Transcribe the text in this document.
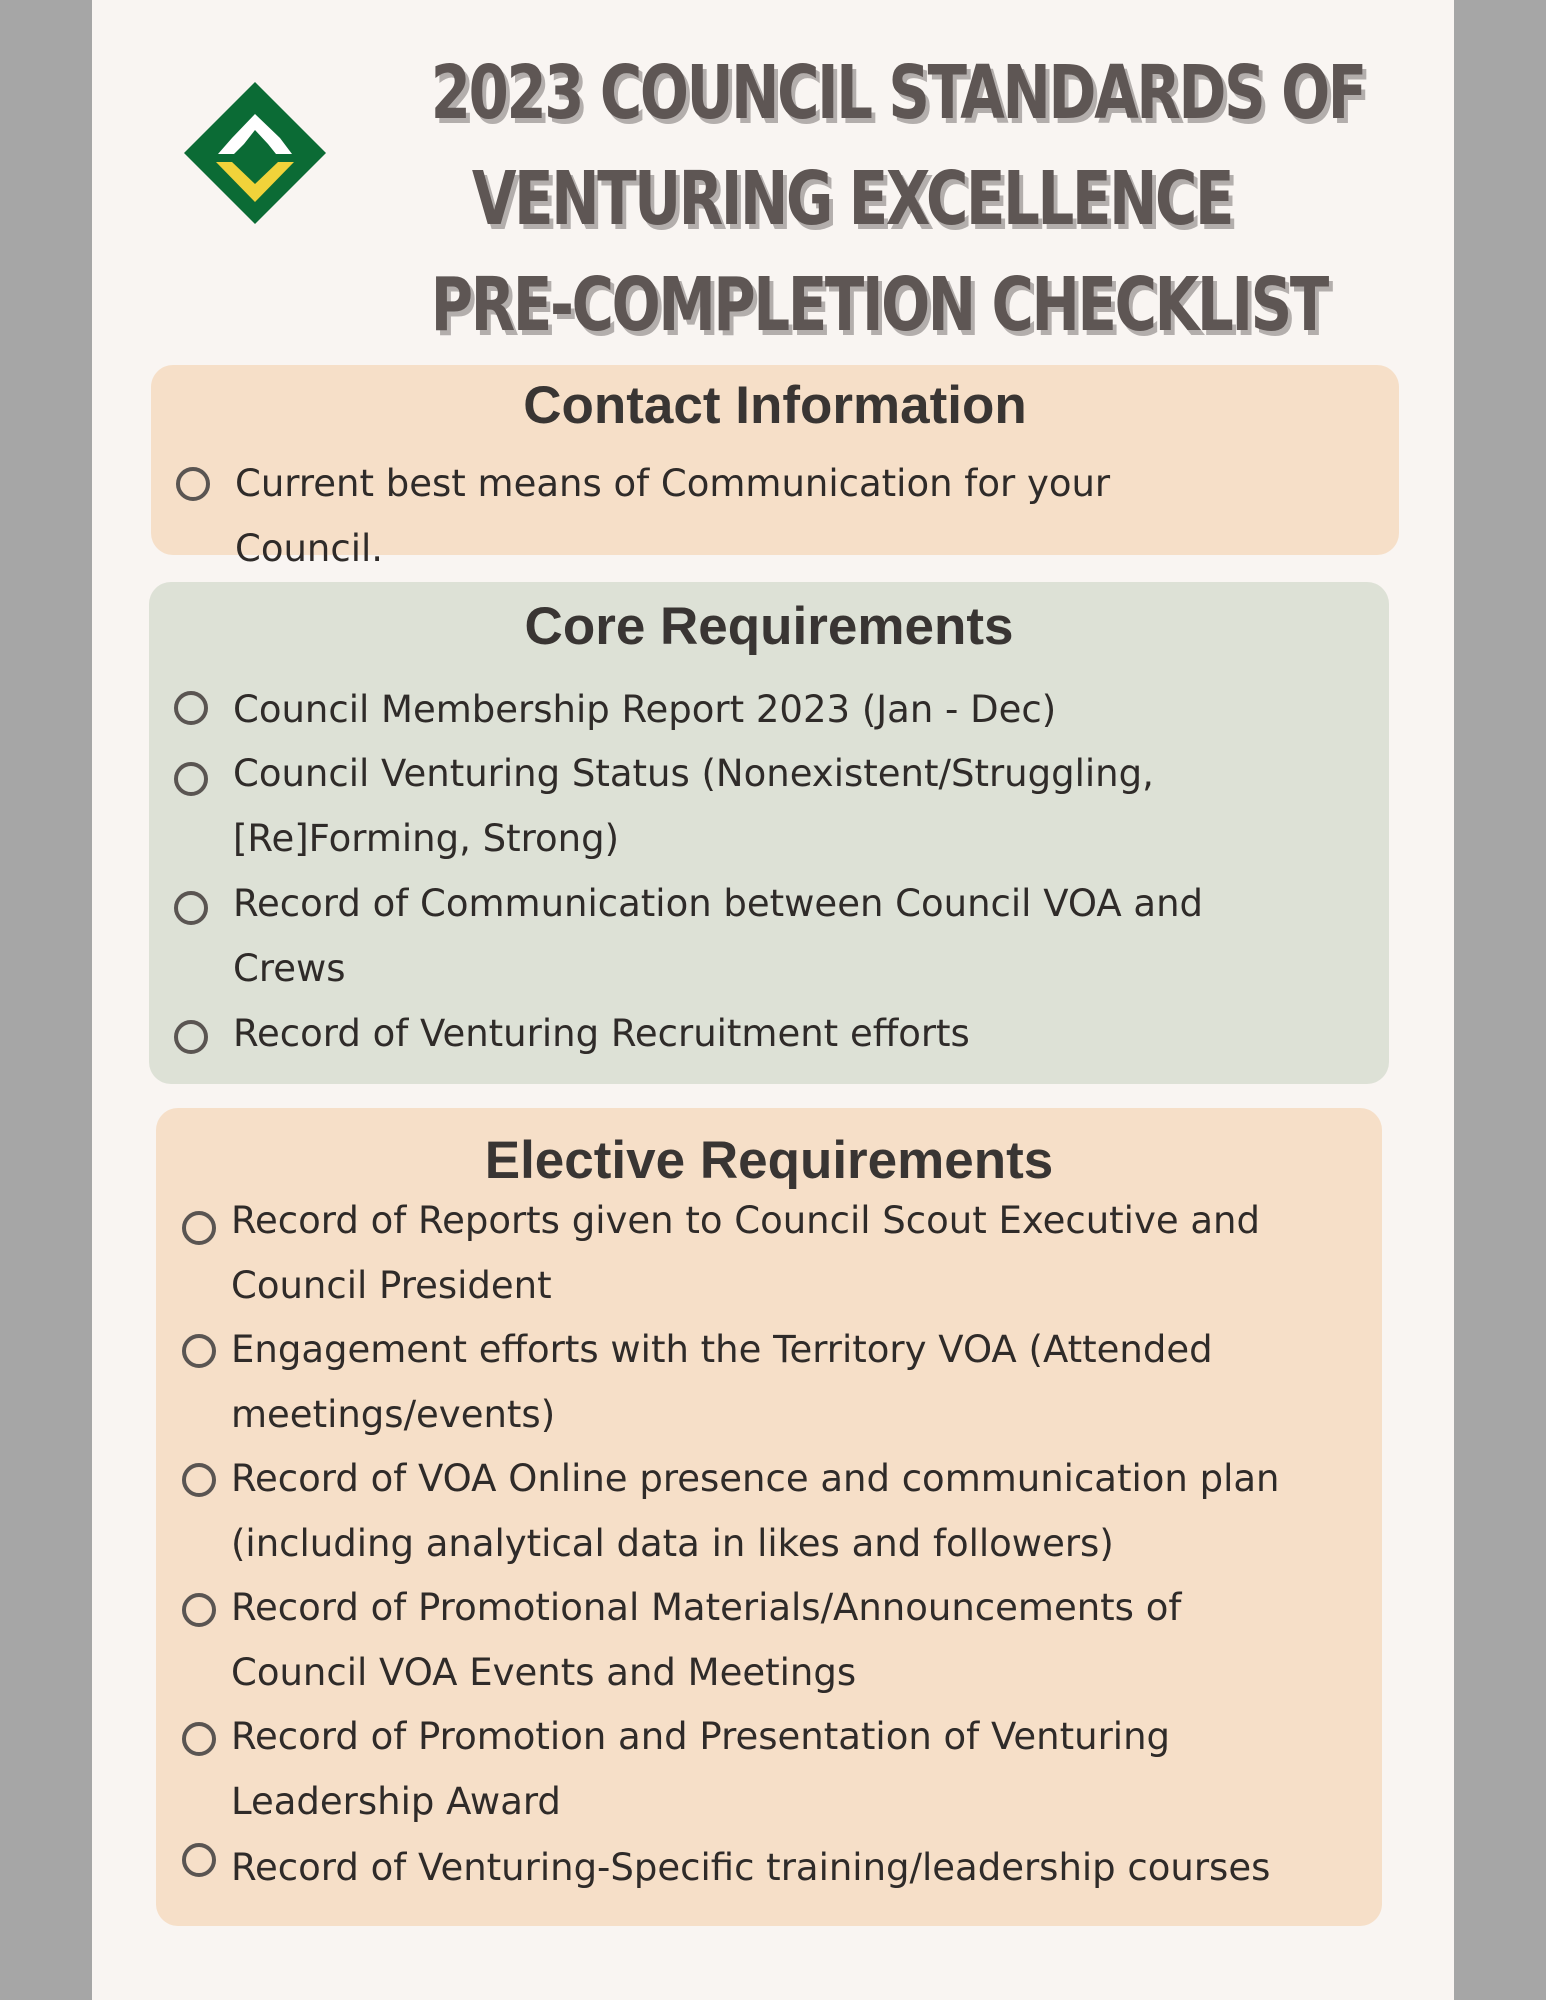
2023 COUNCIL STANDARDS OF
VENTURING EXCELLENCE
PRE-COMPLETION CHECKLIST
Contact Information
Current best means of Communication for your
Council.
Core Requirements
Council Membership Report 2023 (Jan - Dec)
Council Venturing Status (Nonexistent/Struggling,
[Re]Forming, Strong)
Record of Communication between Council VOA and
Crews
Record of Venturing Recruitment efforts
Elective Requirements
Record of Reports given to Council Scout Executive and
Council President
Engagement efforts with the Territory VOA (Attended
meetings/events)
Record of VOA Online presence and communication plan
(including analytical data in likes and followers)
Record of Promotional Materials/Announcements of
Council VOA Events and Meetings
Record of Promotion and Presentation of Venturing
Leadership Award
Record of Venturing-Specific training/leadership courses
